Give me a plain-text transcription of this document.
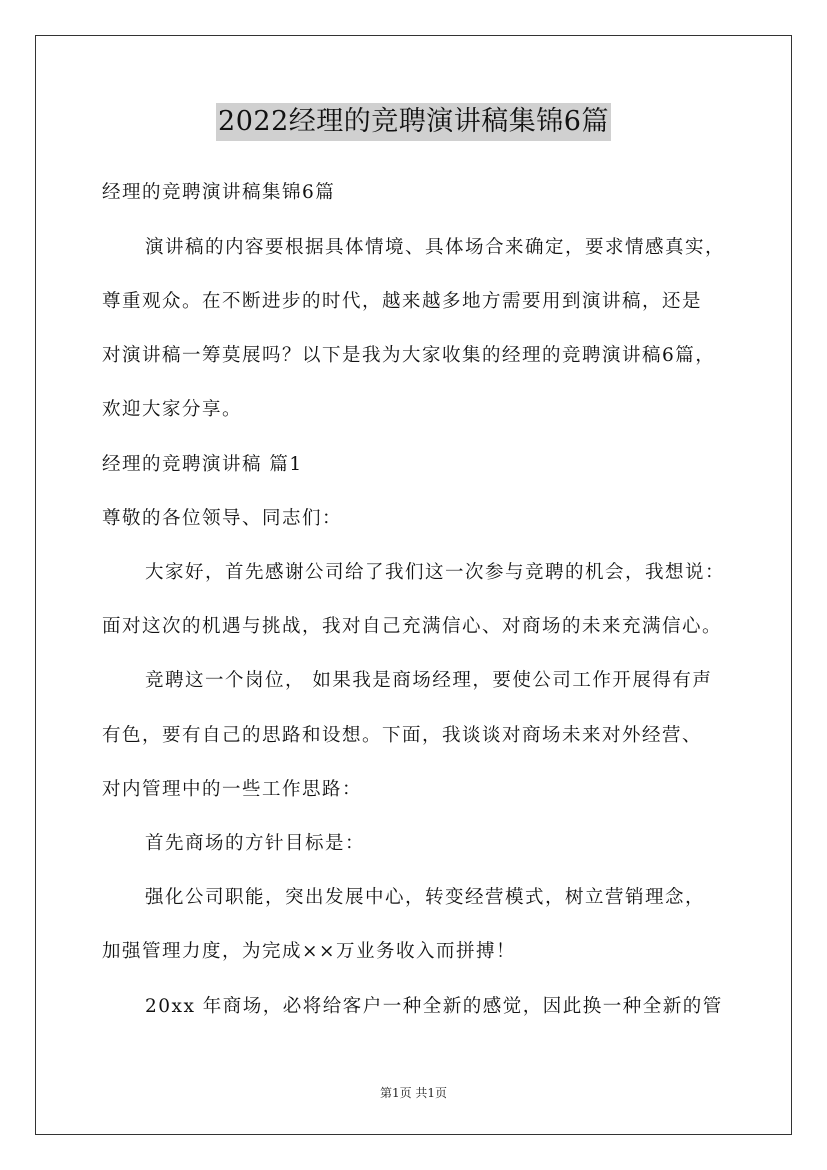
2022经理的竞聘演讲稿集锦6篇
经理的竞聘演讲稿集锦6篇
演讲稿的内容要根据具体情境、具体场合来确定，要求情感真实，
尊重观众。在不断进步的时代，越来越多地方需要用到演讲稿，还是
对演讲稿一筹莫展吗？以下是我为大家收集的经理的竞聘演讲稿6篇，
欢迎大家分享。
经理的竞聘演讲稿 篇1
尊敬的各位领导、同志们：
大家好，首先感谢公司给了我们这一次参与竞聘的机会，我想说：
面对这次的机遇与挑战，我对自己充满信心、对商场的未来充满信心。
竞聘这一个岗位， 如果我是商场经理，要使公司工作开展得有声
有色，要有自己的思路和设想。下面，我谈谈对商场未来对外经营、
对内管理中的一些工作思路：
首先商场的方针目标是：
强化公司职能，突出发展中心，转变经营模式，树立营销理念，
加强管理力度，为完成××万业务收入而拼搏！
20xx 年商场，必将给客户一种全新的感觉，因此换一种全新的管
第1页 共1页
